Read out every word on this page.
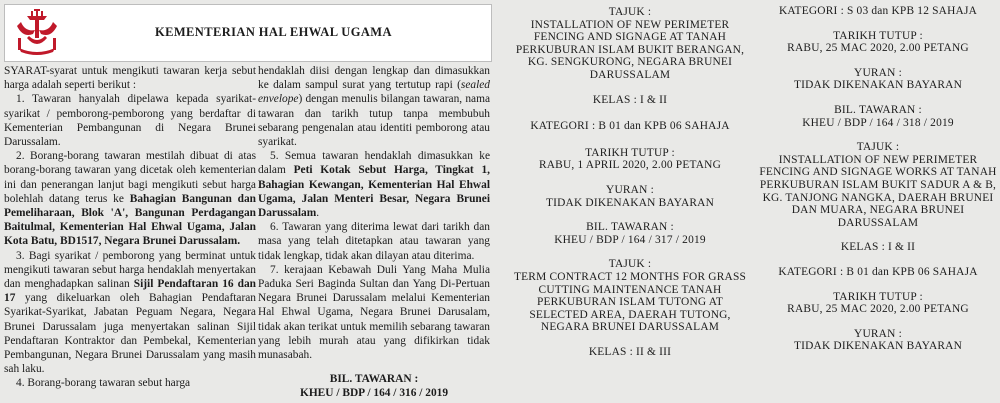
KEMENTERIAN HAL EHWAL UGAMA

SYARAT-syarat untuk mengikuti tawaran kerja sebut harga adalah seperti berikut :

1. Tawaran hanyalah dipelawa kepada syarikat-syarikat / pemborong-pemborong yang berdaftar di Kementerian Pembangunan di Negara Brunei Darussalam.

2. Borang-borang tawaran mestilah dibuat di atas borang-borang tawaran yang dicetak oleh kementerian ini dan penerangan lanjut bagi mengikuti sebut harga bolehlah datang terus ke Bahagian Bangunan dan Pemeliharaan, Blok 'A', Bangunan Perdagangan Baitulmal, Kementerian Hal Ehwal Ugama, Jalan Kota Batu, BD1517, Negara Brunei Darussalam.

3. Bagi syarikat / pemborong yang berminat untuk mengikuti tawaran sebut harga hendaklah menyertakan dan menghadapkan salinan Sijil Pendaftaran 16 dan 17 yang dikeluarkan oleh Bahagian Pendaftaran Syarikat-Syarikat, Jabatan Peguam Negara, Negara Brunei Darussalam juga menyertakan salinan Sijil Pendaftaran Kontraktor dan Pembekal, Kementerian Pembangunan, Negara Brunei Darussalam yang masih sah laku.

4. Borang-borang tawaran sebut harga

hendaklah diisi dengan lengkap dan dimasukkan ke dalam sampul surat yang tertutup rapi (sealed envelope) dengan menulis bilangan tawaran, nama tawaran dan tarikh tutup tanpa membubuh sebarang pengenalan atau identiti pemborong atau syarikat.

5. Semua tawaran hendaklah dimasukkan ke dalam Peti Kotak Sebut Harga, Tingkat 1, Bahagian Kewangan, Kementerian Hal Ehwal Ugama, Jalan Menteri Besar, Negara Brunei Darussalam.

6. Tawaran yang diterima lewat dari tarikh dan masa yang telah ditetapkan atau tawaran yang tidak lengkap, tidak akan dilayan atau diterima.

7. kerajaan Kebawah Duli Yang Maha Mulia Paduka Seri Baginda Sultan dan Yang Di-Pertuan Negara Brunei Darussalam melalui Kementerian Hal Ehwal Ugama, Negara Brunei Darusalam, tidak akan terikat untuk memilih sebarang tawaran yang lebih murah atau yang difikirkan tidak munasabah.

BIL. TAWARAN :

KHEU / BDP / 164 / 316 / 2019

TAJUK :

INSTALLATION OF NEW PERIMETER FENCING AND SIGNAGE AT TANAH PERKUBURAN ISLAM BUKIT BERANGAN, KG. SENGKURONG, NEGARA BRUNEI DARUSSALAM

KELAS : I & II

KATEGORI : B 01 dan KPB 06 SAHAJA

TARIKH TUTUP :

RABU, 1 APRIL 2020, 2.00 PETANG

YURAN :

TIDAK DIKENAKAN BAYARAN

BIL. TAWARAN :

KHEU / BDP / 164 / 317 / 2019

TAJUK :

TERM CONTRACT 12 MONTHS FOR GRASS CUTTING MAINTENANCE TANAH PERKUBURAN ISLAM TUTONG AT SELECTED AREA, DAERAH TUTONG, NEGARA BRUNEI DARUSSALAM

KELAS : II & III

KATEGORI : S 03 dan KPB 12 SAHAJA

TARIKH TUTUP :

RABU, 25 MAC 2020, 2.00 PETANG

YURAN :

TIDAK DIKENAKAN BAYARAN

BIL. TAWARAN :

KHEU / BDP / 164 / 318 / 2019

TAJUK :

INSTALLATION OF NEW PERIMETER FENCING AND SIGNAGE WORKS AT TANAH PERKUBURAN ISLAM BUKIT SADUR A & B, KG. TANJONG NANGKA, DAERAH BRUNEI DAN MUARA, NEGARA BRUNEI DARUSSALAM

KELAS : I & II

KATEGORI : B 01 dan KPB 06 SAHAJA

TARIKH TUTUP :

RABU, 25 MAC 2020, 2.00 PETANG

YURAN :

TIDAK DIKENAKAN BAYARAN
